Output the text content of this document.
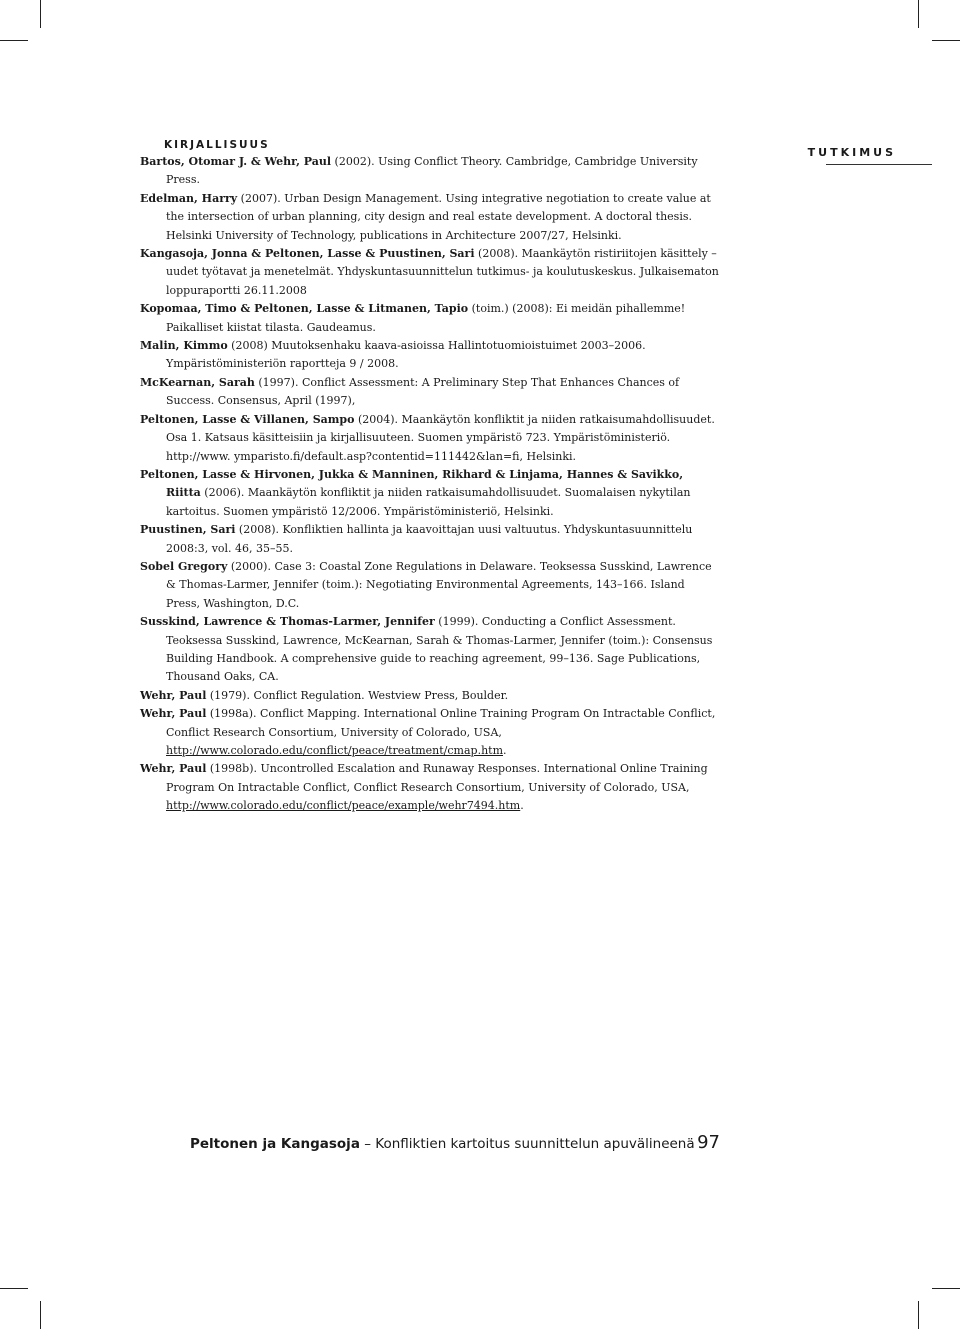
TUTKIMUS
KIRJALLISUUS
Bartos, Otomar J. & Wehr, Paul (2002). Using Conflict Theory. Cambridge, Cambridge University Press.
Edelman, Harry (2007). Urban Design Management. Using integrative negotiation to create value at the intersection of urban planning, city design and real estate development. A doctoral thesis. Helsinki University of Technology, publications in Architecture 2007/27, Helsinki.
Kangasoja, Jonna & Peltonen, Lasse & Puustinen, Sari (2008). Maankäytön ristiriitojen käsittely – uudet työtavat ja menetelmät. Yhdyskuntasuunnittelun tutkimus- ja koulutuskeskus. Julkaisematon loppuraportti 26.11.2008
Kopomaa, Timo & Peltonen, Lasse & Litmanen, Tapio (toim.) (2008): Ei meidän pihallemme! Paikalliset kiistat tilasta. Gaudeamus.
Malin, Kimmo (2008) Muutoksenhaku kaava-asioissa Hallintotuomioistuimet 2003–2006. Ympäristöministeriön raportteja 9 / 2008.
McKearnan, Sarah (1997). Conflict Assessment: A Preliminary Step That Enhances Chances of Success. Consensus, April (1997),
Peltonen, Lasse & Villanen, Sampo (2004). Maankäytön konfliktit ja niiden ratkaisumahdollisuudet. Osa 1. Katsaus käsitteisiin ja kirjallisuuteen. Suomen ympäristö 723. Ympäristöministeriö. http://www. ymparisto.fi/default.asp?contentid=111442&lan=fi, Helsinki.
Peltonen, Lasse & Hirvonen, Jukka & Manninen, Rikhard & Linjama, Hannes & Savikko, Riitta (2006). Maankäytön konfliktit ja niiden ratkaisumahdollisuudet. Suomalaisen nykytilan kartoitus. Suomen ympäristö 12/2006. Ympäristöministeriö, Helsinki.
Puustinen, Sari (2008). Konfliktien hallinta ja kaavoittajan uusi valtuutus. Yhdyskuntasuunnittelu 2008:3, vol. 46, 35–55.
Sobel Gregory (2000). Case 3: Coastal Zone Regulations in Delaware. Teoksessa Susskind, Lawrence & Thomas-Larmer, Jennifer (toim.): Negotiating Environmental Agreements, 143–166. Island Press, Washington, D.C.
Susskind, Lawrence & Thomas-Larmer, Jennifer (1999). Conducting a Conflict Assessment. Teoksessa Susskind, Lawrence, McKearnan, Sarah & Thomas-Larmer, Jennifer (toim.): Consensus Building Handbook. A comprehensive guide to reaching agreement, 99–136. Sage Publications, Thousand Oaks, CA.
Wehr, Paul (1979). Conflict Regulation. Westview Press, Boulder.
Wehr, Paul (1998a). Conflict Mapping. International Online Training Program On Intractable Conflict, Conflict Research Consortium, University of Colorado, USA, http://www.colorado.edu/conflict/peace/treatment/cmap.htm.
Wehr, Paul (1998b). Uncontrolled Escalation and Runaway Responses. International Online Training Program On Intractable Conflict, Conflict Research Consortium, University of Colorado, USA, http://www.colorado.edu/conflict/peace/example/wehr7494.htm.
Peltonen ja Kangasoja – Konfliktien kartoitus suunnittelun apuvälineenä 97
